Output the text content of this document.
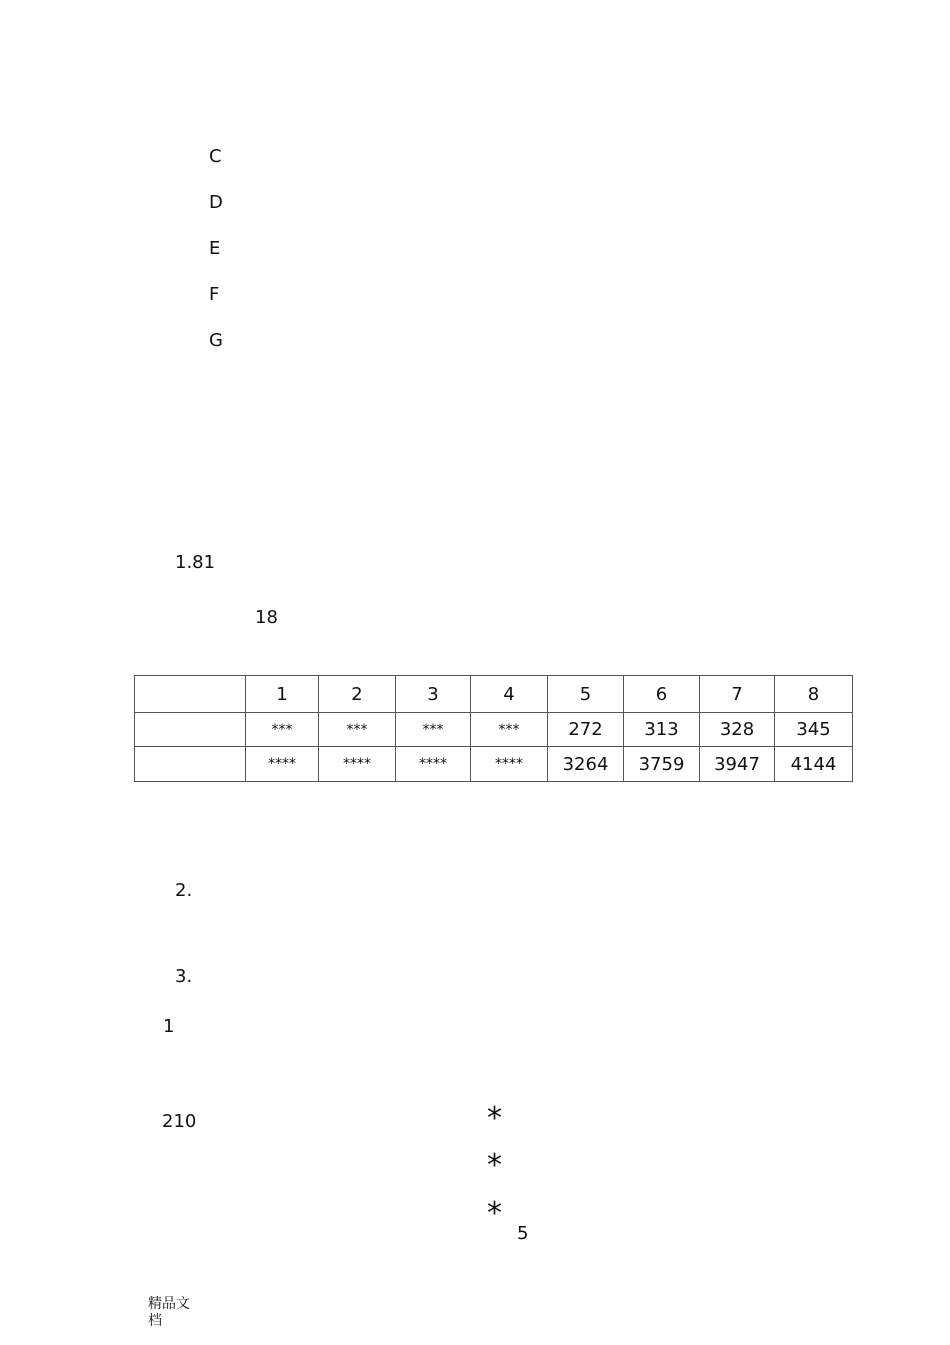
C
D
E
F
G
1.81
18
	1	2	3	4	5	6	7	8
	***	***	***	***	272	313	328	345
	****	****	****	****	3264	3759	3947	4144
2.
3.
1
210	*
*
*
5
精品文档
